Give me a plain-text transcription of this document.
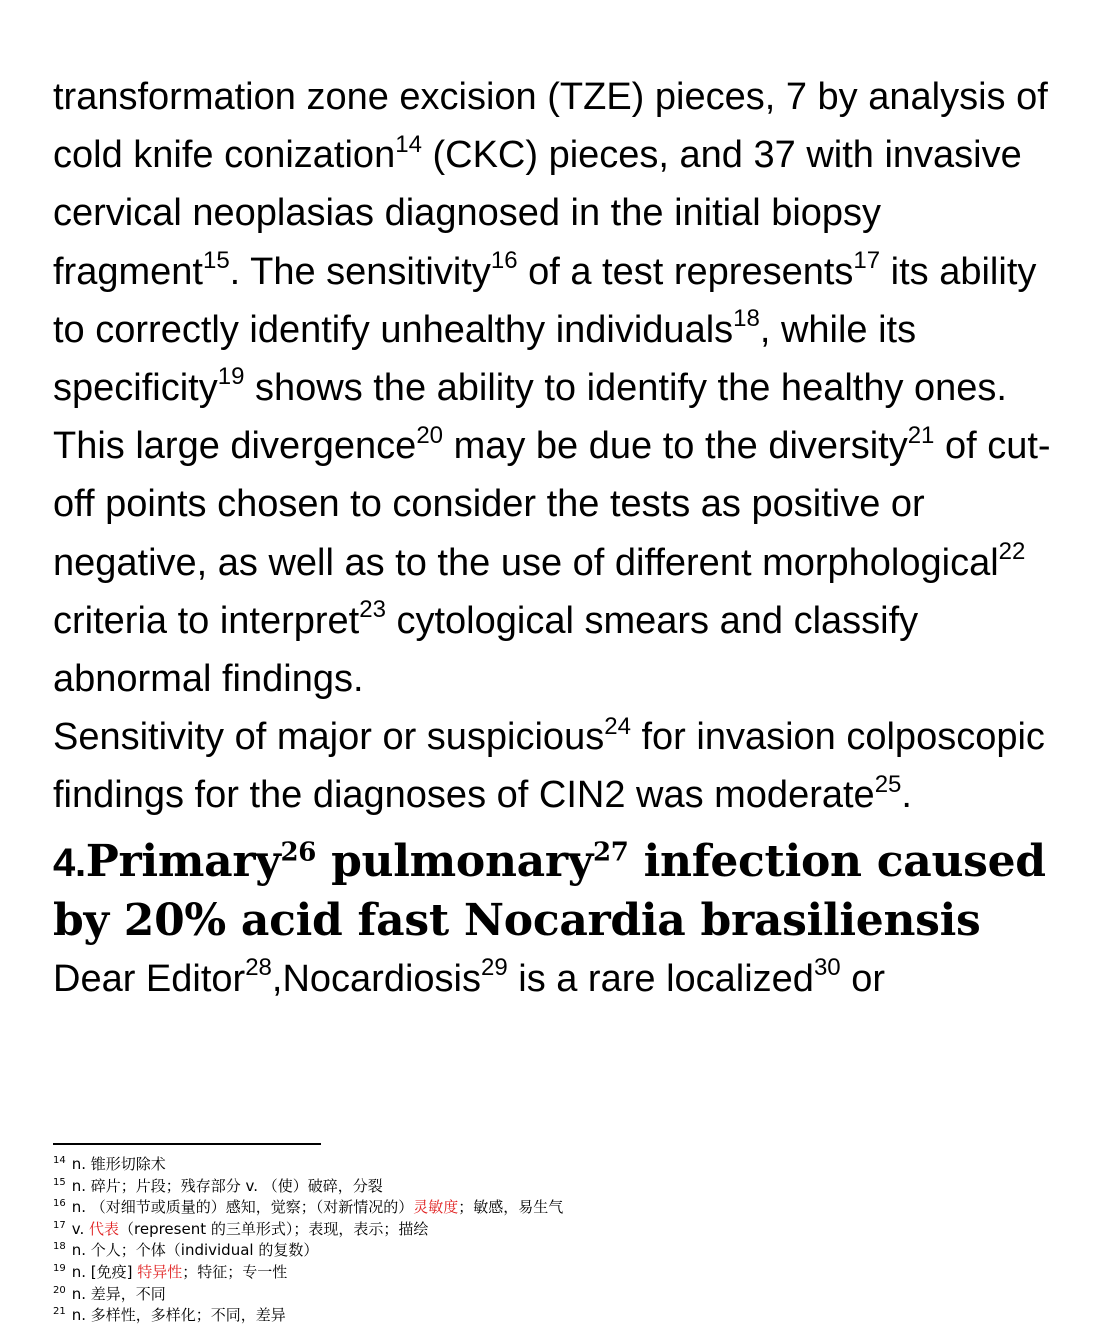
transformation zone excision (TZE) pieces, 7 by analysis of cold knife conization$^{14}$ (CKC) pieces, and 37 with invasive cervical neoplasias diagnosed in the initial biopsy fragment$^{15}$. The sensitivity$^{16}$ of a test represents$^{17}$ its ability to correctly identify unhealthy individuals$^{18}$, while its specificity$^{19}$ shows the ability to identify the healthy ones.

This large divergence$^{20}$ may be due to the diversity$^{21}$ of cut-off points chosen to consider the tests as positive or negative, as well as to the use of different morphological$^{22}$ criteria to interpret$^{23}$ cytological smears and classify abnormal findings.

Sensitivity of major or suspicious$^{24}$ for invasion colposcopic findings for the diagnoses of CIN2 was moderate$^{25}$.

4.Primary$^{26}$ pulmonary$^{27}$ infection caused by 20% acid fast Nocardia brasiliensis

Dear Editor$^{28}$,Nocardiosis$^{29}$ is a rare localized$^{30}$ or

$^{14}$ n. 锥形切除术
$^{15}$ n. 碎片；片段；残存部分 v. （使）破碎，分裂
$^{16}$ n. （对细节或质量的）感知，觉察；（对新情况的）灵敏度；敏感，易生气
$^{17}$ v. 代表（represent 的三单形式）；表现，表示；描绘
$^{18}$ n. 个人；个体（individual 的复数）
$^{19}$ n. [免疫] 特异性；特征；专一性
$^{20}$ n. 差异，不同
$^{21}$ n. 多样性，多样化；不同，差异
